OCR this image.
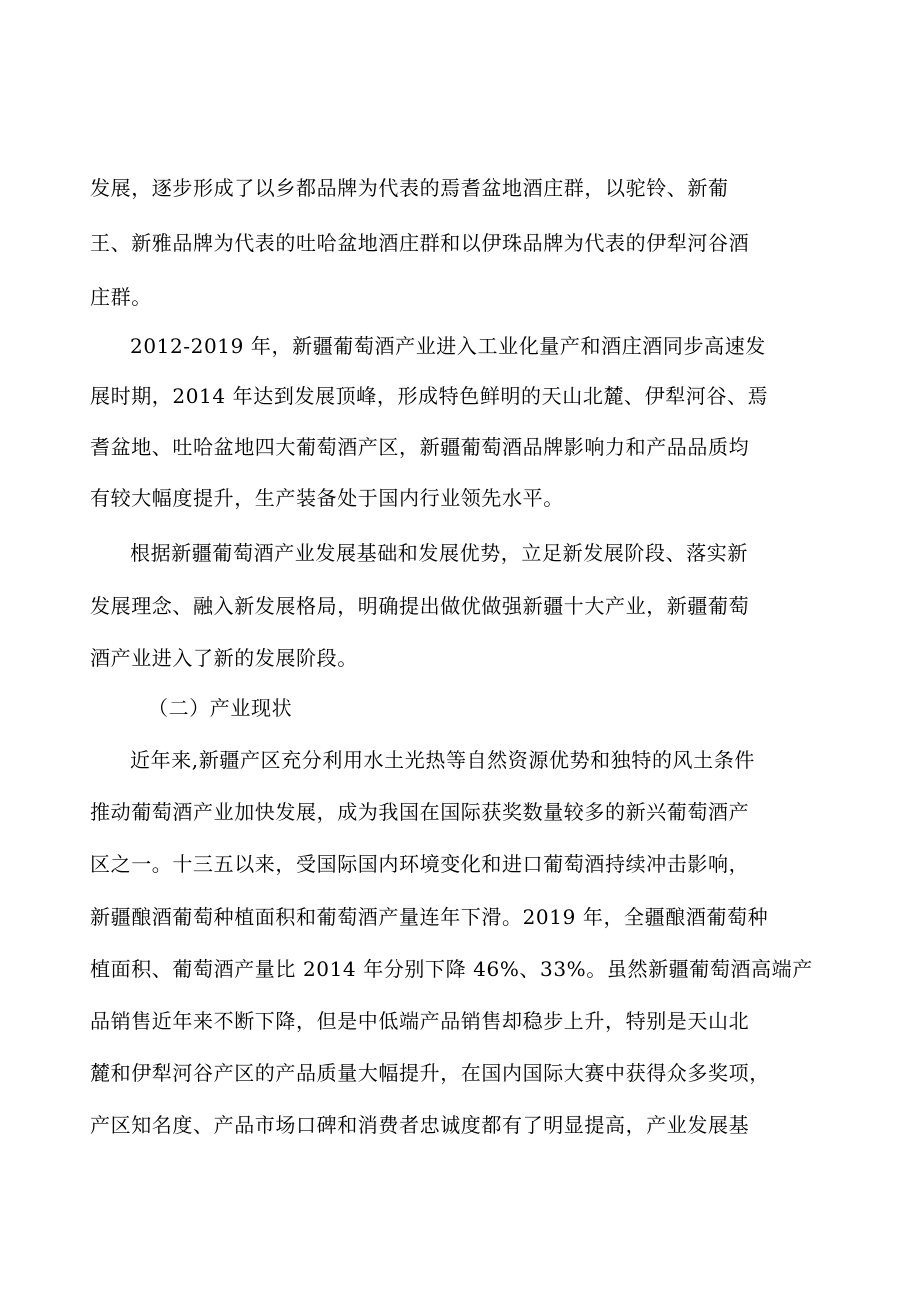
发展，逐步形成了以乡都品牌为代表的焉耆盆地酒庄群，以驼铃、新葡
王、新雅品牌为代表的吐哈盆地酒庄群和以伊珠品牌为代表的伊犁河谷酒
庄群。
2012-2019 年，新疆葡萄酒产业进入工业化量产和酒庄酒同步高速发
展时期，2014 年达到发展顶峰，形成特色鲜明的天山北麓、伊犁河谷、焉
耆盆地、吐哈盆地四大葡萄酒产区，新疆葡萄酒品牌影响力和产品品质均
有较大幅度提升，生产装备处于国内行业领先水平。
根据新疆葡萄酒产业发展基础和发展优势，立足新发展阶段、落实新
发展理念、融入新发展格局，明确提出做优做强新疆十大产业，新疆葡萄
酒产业进入了新的发展阶段。
（二）产业现状
近年来,新疆产区充分利用水土光热等自然资源优势和独特的风土条件
推动葡萄酒产业加快发展，成为我国在国际获奖数量较多的新兴葡萄酒产
区之一。十三五以来，受国际国内环境变化和进口葡萄酒持续冲击影响，
新疆酿酒葡萄种植面积和葡萄酒产量连年下滑。2019 年，全疆酿酒葡萄种
植面积、葡萄酒产量比 2014 年分别下降 46%、33%。虽然新疆葡萄酒高端产
品销售近年来不断下降，但是中低端产品销售却稳步上升，特别是天山北
麓和伊犁河谷产区的产品质量大幅提升，在国内国际大赛中获得众多奖项，
产区知名度、产品市场口碑和消费者忠诚度都有了明显提高，产业发展基
